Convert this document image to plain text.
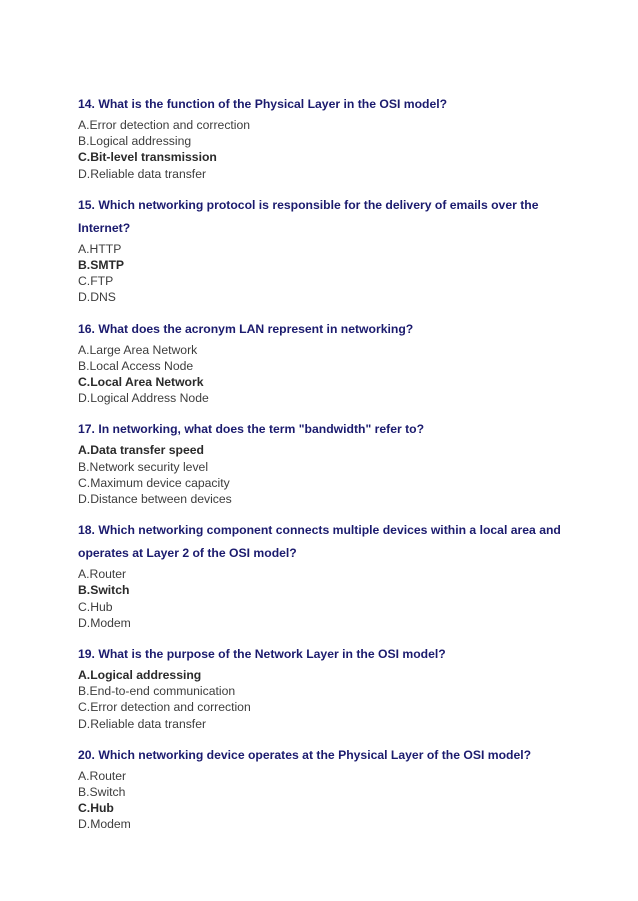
14. What is the function of the Physical Layer in the OSI model?
A.Error detection and correction
B.Logical addressing
C.Bit-level transmission
D.Reliable data transfer
15. Which networking protocol is responsible for the delivery of emails over the
Internet?
A.HTTP
B.SMTP
C.FTP
D.DNS
16. What does the acronym LAN represent in networking?
A.Large Area Network
B.Local Access Node
C.Local Area Network
D.Logical Address Node
17. In networking, what does the term "bandwidth" refer to?
A.Data transfer speed
B.Network security level
C.Maximum device capacity
D.Distance between devices
18. Which networking component connects multiple devices within a local area and
operates at Layer 2 of the OSI model?
A.Router
B.Switch
C.Hub
D.Modem
19. What is the purpose of the Network Layer in the OSI model?
A.Logical addressing
B.End-to-end communication
C.Error detection and correction
D.Reliable data transfer
20. Which networking device operates at the Physical Layer of the OSI model?
A.Router
B.Switch
C.Hub
D.Modem
